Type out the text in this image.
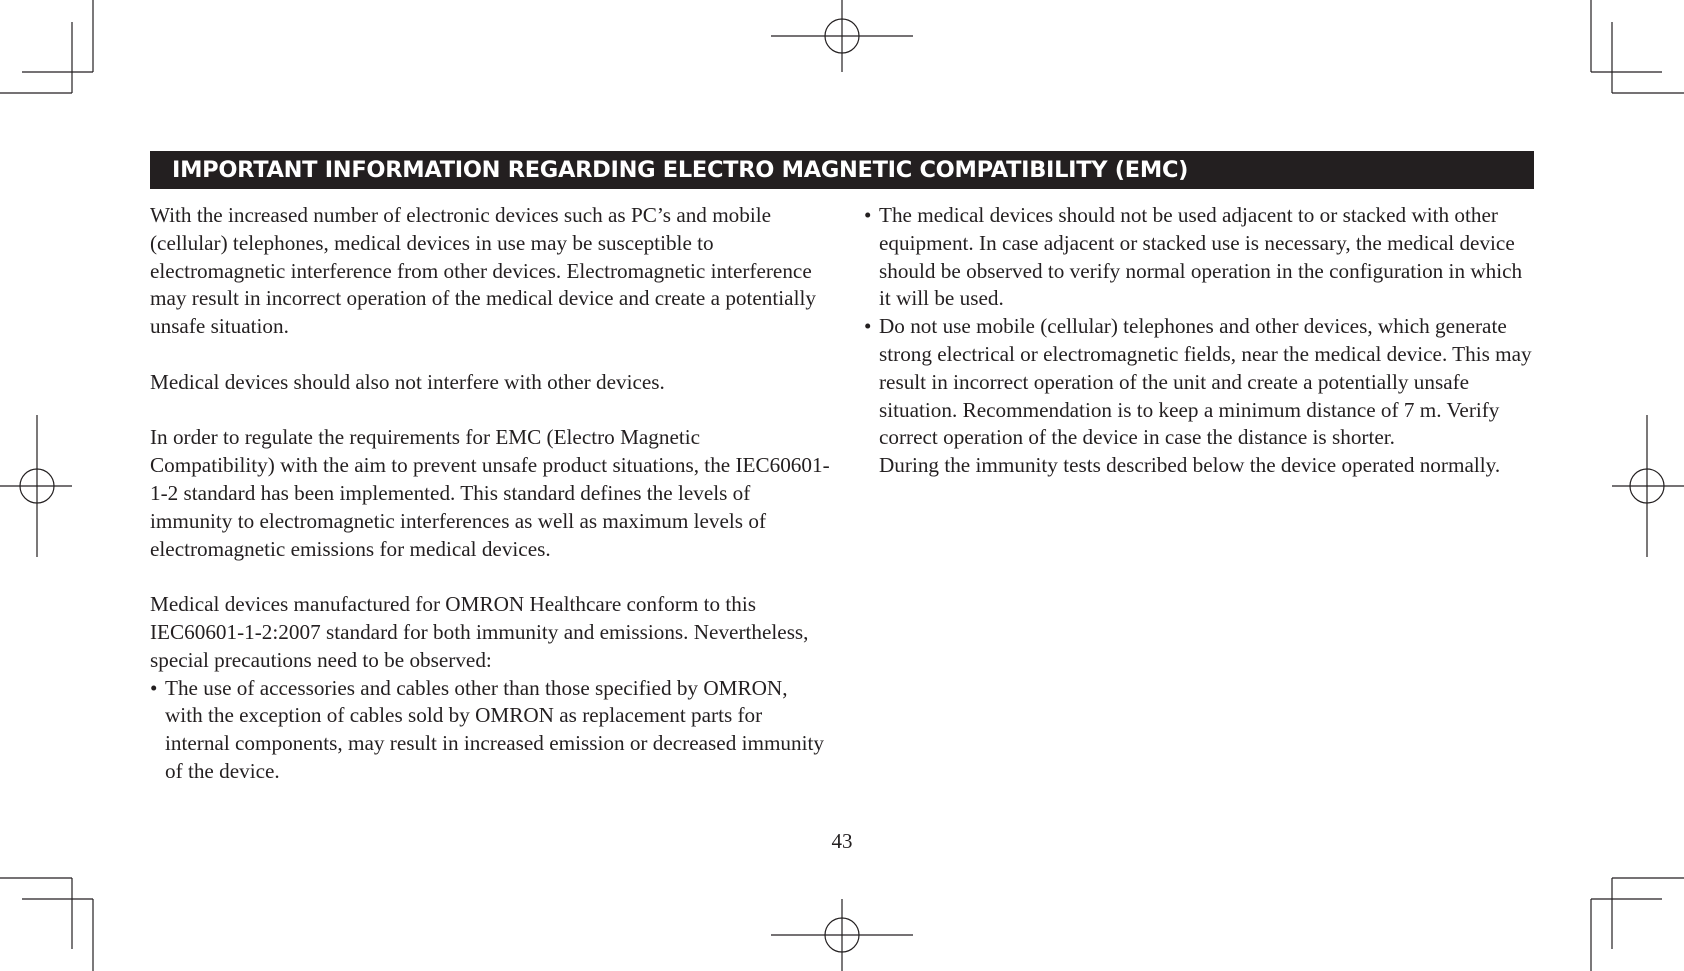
IMPORTANT INFORMATION REGARDING ELECTRO MAGNETIC COMPATIBILITY (EMC)

With the increased number of electronic devices such as PC’s and mobile (cellular) telephones, medical devices in use may be susceptible to electromagnetic interference from other devices. Electromagnetic interference may result in incorrect operation of the medical device and create a potentially unsafe situation.

Medical devices should also not interfere with other devices.

In order to regulate the requirements for EMC (Electro Magnetic Compatibility) with the aim to prevent unsafe product situations, the IEC60601-1-2 standard has been implemented. This standard defines the levels of immunity to electromagnetic interferences as well as maximum levels of electromagnetic emissions for medical devices.

Medical devices manufactured for OMRON Healthcare conform to this IEC60601-1-2:2007 standard for both immunity and emissions. Nevertheless, special precautions need to be observed:

• The use of accessories and cables other than those specified by OMRON, with the exception of cables sold by OMRON as replacement parts for internal components, may result in increased emission or decreased immunity of the device.
• The medical devices should not be used adjacent to or stacked with other equipment. In case adjacent or stacked use is necessary, the medical device should be observed to verify normal operation in the configuration in which it will be used.
• Do not use mobile (cellular) telephones and other devices, which generate strong electrical or electromagnetic fields, near the medical device. This may result in incorrect operation of the unit and create a potentially unsafe situation. Recommendation is to keep a minimum distance of 7 m. Verify correct operation of the device in case the distance is shorter.
During the immunity tests described below the device operated normally.
43
